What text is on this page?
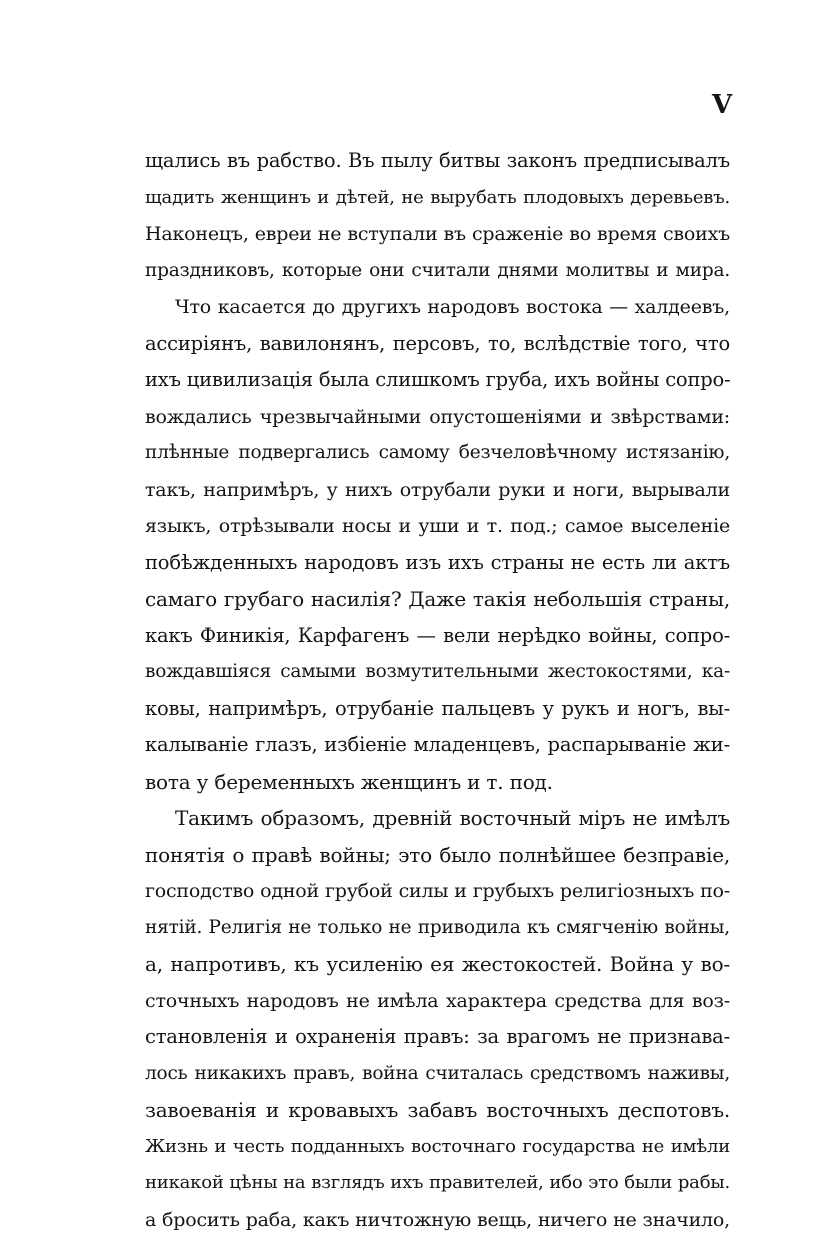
V
щались въ рабство. Въ пылу битвы законъ предписывалъ
щадить женщинъ и дѣтей, не вырубать плодовыхъ деревьевъ.
Наконецъ, евреи не вступали въ сраженіе во время своихъ
праздниковъ, которые они считали днями молитвы и мира.
Что касается до другихъ народовъ востока — халдеевъ,
ассиріянъ, вавилонянъ, персовъ, то, вслѣдствіе того, что
ихъ цивилизація была слишкомъ груба, ихъ войны сопро-
вождались чрезвычайными опустошеніями и звѣрствами:
плѣнные подвергались самому безчеловѣчному истязанію,
такъ, напримѣръ, у нихъ отрубали руки и ноги, вырывали
языкъ, отрѣзывали носы и уши и т. под.; самое выселеніе
побѣжденныхъ народовъ изъ ихъ страны не есть ли актъ
самаго грубаго насилія? Даже такія небольшія страны,
какъ Финикія, Карфагенъ — вели нерѣдко войны, сопро-
вождавшіяся самыми возмутительными жестокостями, ка-
ковы, напримѣръ, отрубаніе пальцевъ у рукъ и ногъ, вы-
калываніе глазъ, избіеніе младенцевъ, распарываніе жи-
вота у беременныхъ женщинъ и т. под.
Такимъ образомъ, древній восточный міръ не имѣлъ
понятія о правѣ войны; это было полнѣйшее безправіе,
господство одной грубой силы и грубыхъ религіозныхъ по-
нятій. Религія не только не приводила къ смягченію войны,
а, напротивъ, къ усиленію ея жестокостей. Война у во-
сточныхъ народовъ не имѣла характера средства для воз-
становленія и охраненія правъ: за врагомъ не признава-
лось никакихъ правъ, война считалась средствомъ наживы,
завоеванія и кровавыхъ забавъ восточныхъ деспотовъ.
Жизнь и честь подданныхъ восточнаго государства не имѣли
никакой цѣны на взглядъ ихъ правителей, ибо это были рабы.
а бросить раба, какъ ничтожную вещь, ничего не значило,
